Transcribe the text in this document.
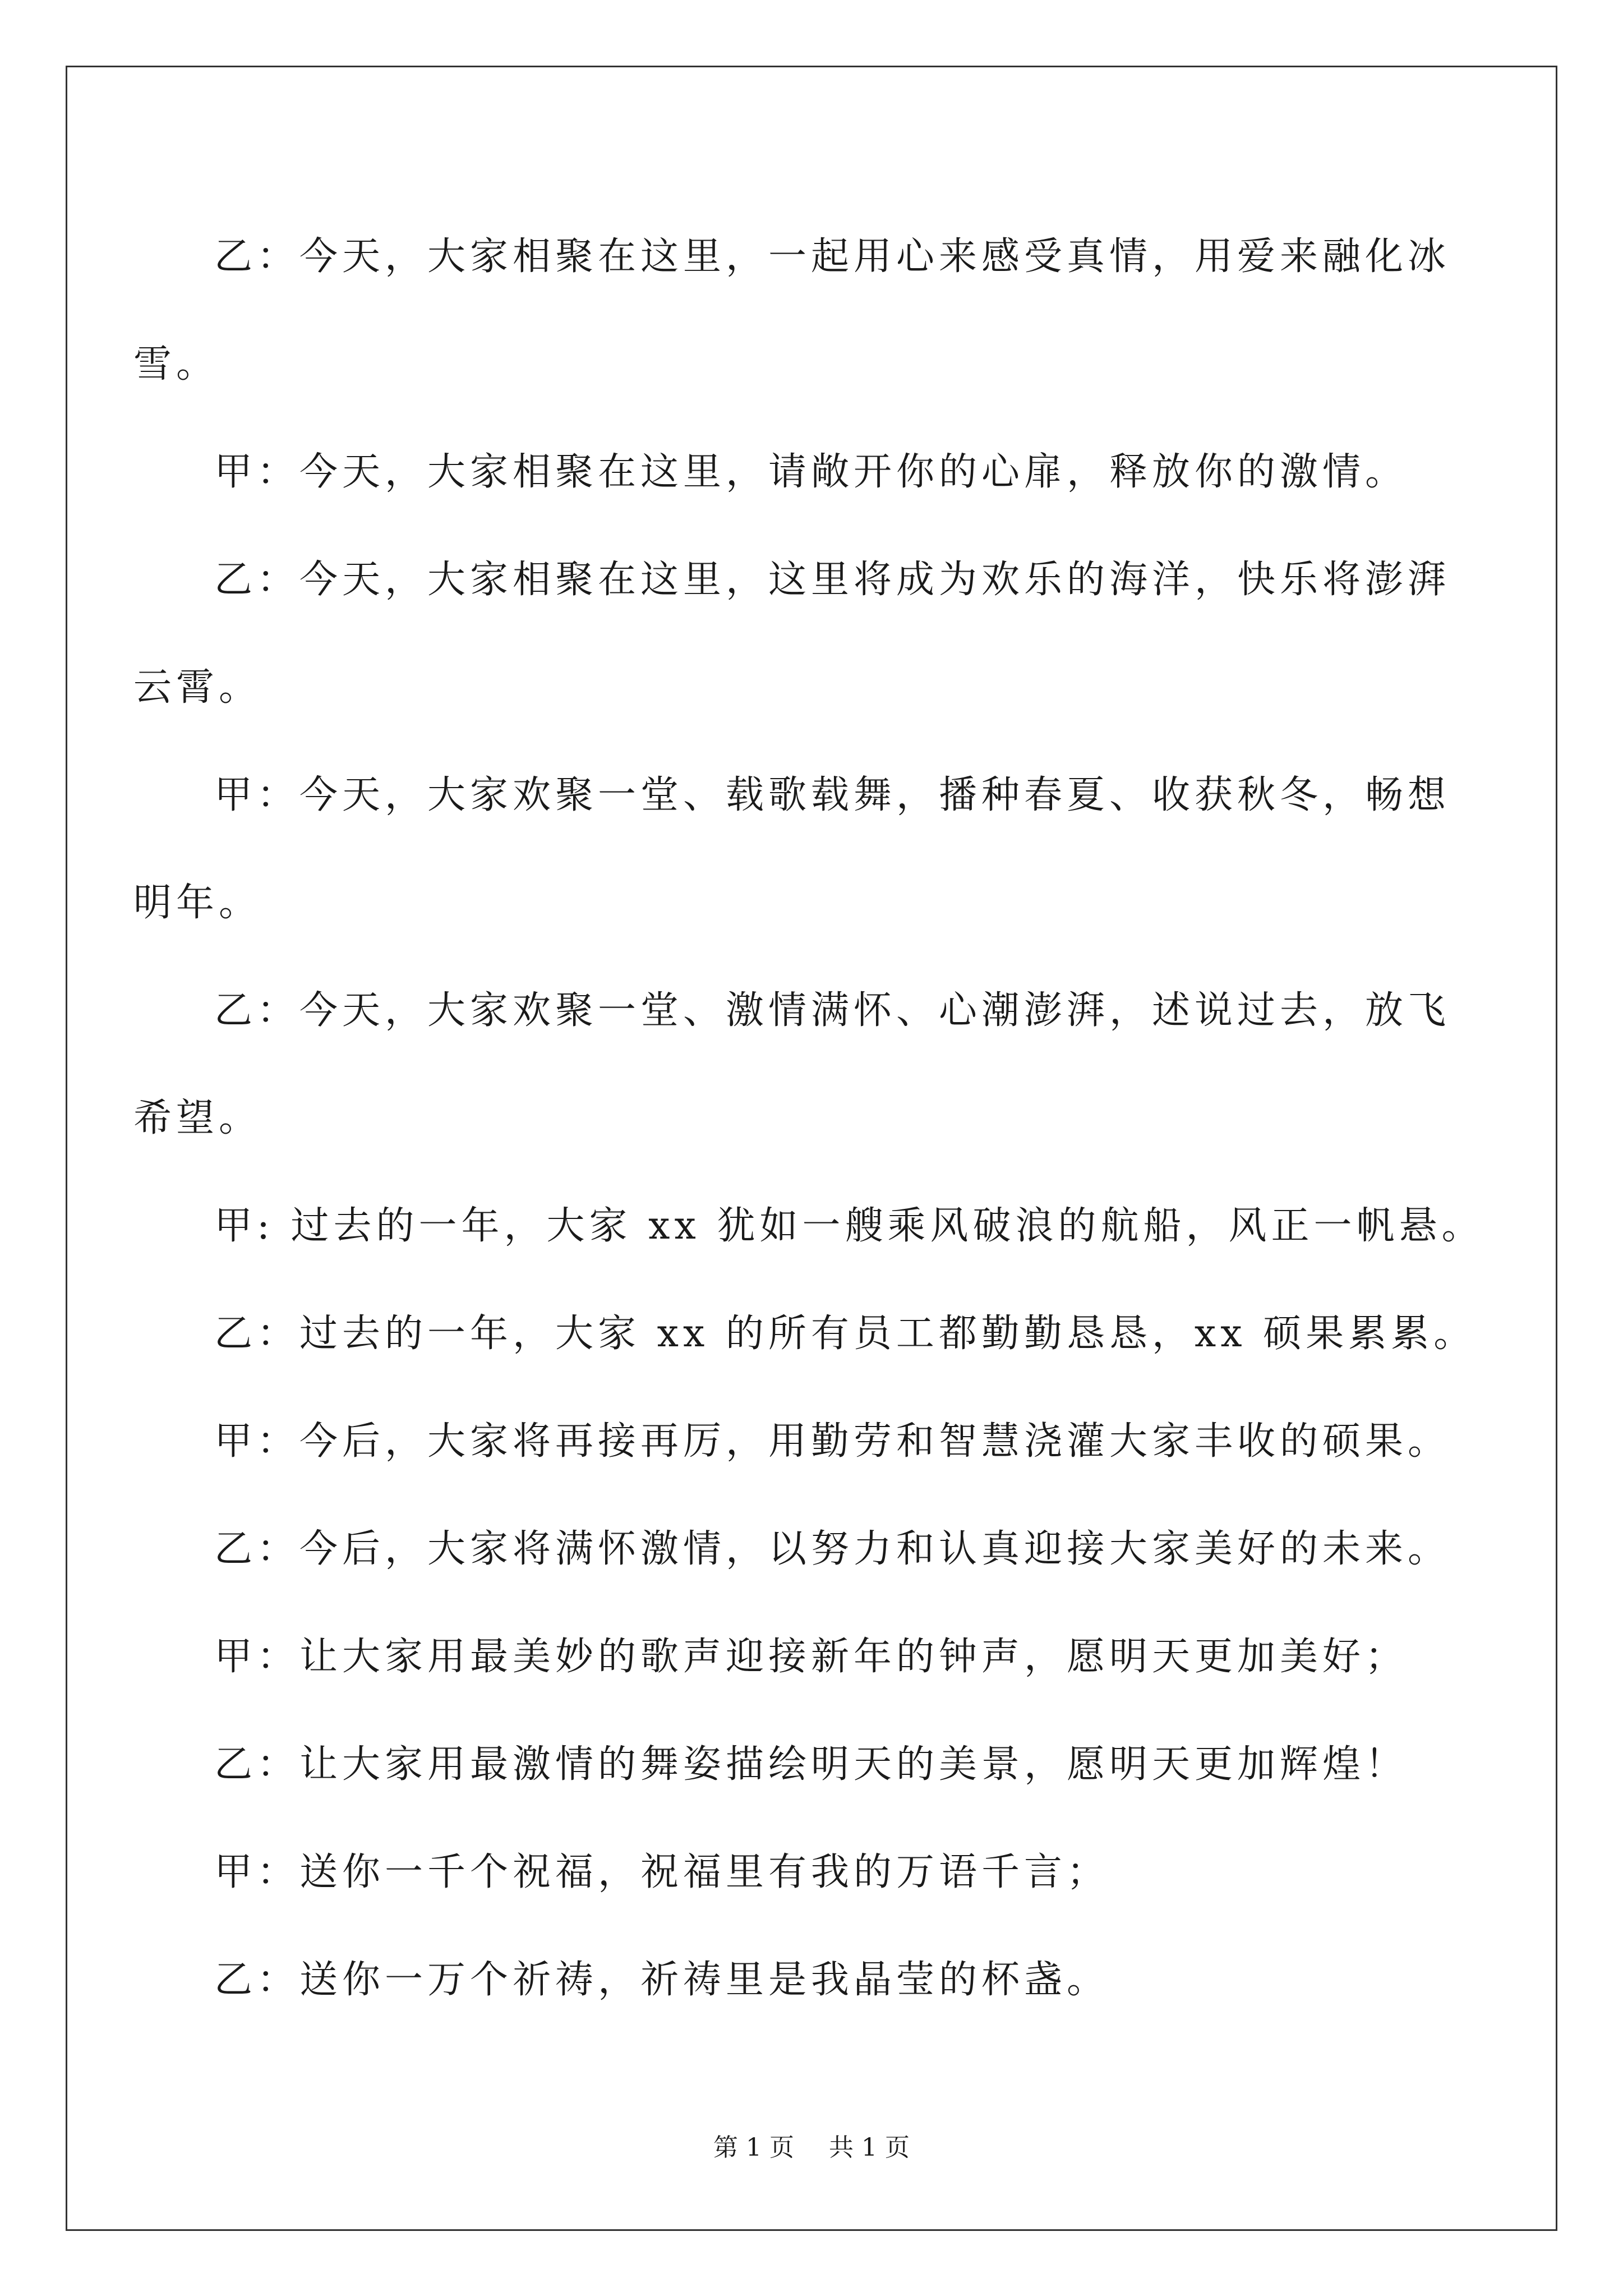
乙：今天，大家相聚在这里，一起用心来感受真情，用爱来融化冰雪。

甲：今天，大家相聚在这里，请敞开你的心扉，释放你的激情。

乙：今天，大家相聚在这里，这里将成为欢乐的海洋，快乐将澎湃云霄。

甲：今天，大家欢聚一堂、载歌载舞，播种春夏、收获秋冬，畅想明年。

乙：今天，大家欢聚一堂、激情满怀、心潮澎湃，述说过去，放飞希望。

甲: 过去的一年，大家 xx 犹如一艘乘风破浪的航船，风正一帆悬。

乙：过去的一年，大家 xx 的所有员工都勤勤恳恳，xx 硕果累累。

甲：今后，大家将再接再厉，用勤劳和智慧浇灌大家丰收的硕果。

乙：今后，大家将满怀激情，以努力和认真迎接大家美好的未来。

甲：让大家用最美妙的歌声迎接新年的钟声，愿明天更加美好；

乙：让大家用最激情的舞姿描绘明天的美景，愿明天更加辉煌！

甲：送你一千个祝福，祝福里有我的万语千言；

乙：送你一万个祈祷，祈祷里是我晶莹的杯盏。

第 1 页 共 1 页
